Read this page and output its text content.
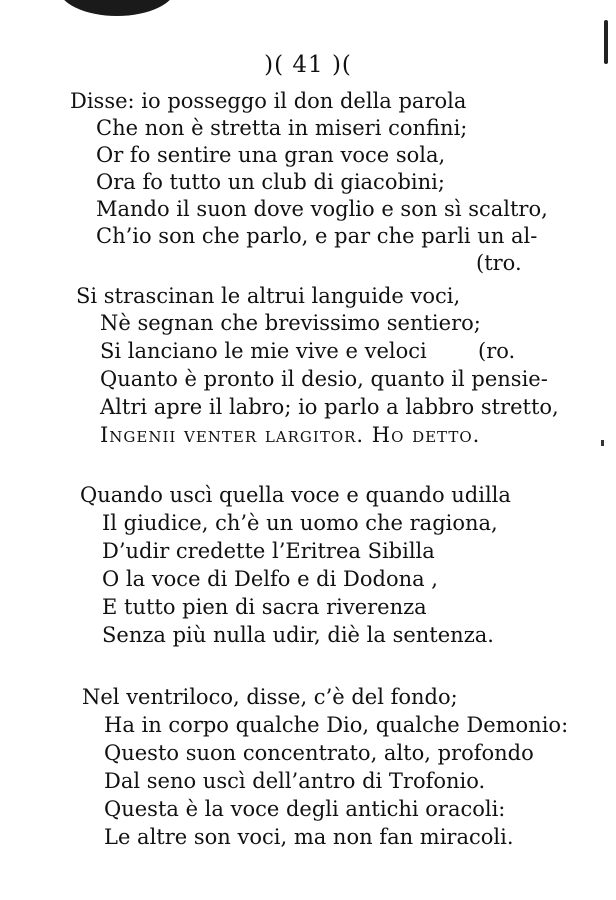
)( 41 )(
Disse: io posseggo il don della parola
Che non è stretta in miseri confini;
Or fo sentire una gran voce sola,
Ora fo tutto un club di giacobini;
Mando il suon dove voglio e son sì scaltro,
Ch’io son che parlo, e par che parli un al-
(tro.
Si strascinan le altrui languide voci,
Nè segnan che brevissimo sentiero;
Si lanciano le mie vive e veloci (ro.
Quanto è pronto il desio, quanto il pensie-
Altri apre il labro; io parlo a labbro stretto,
Ingenii venter largitor. Ho detto.
Quando uscì quella voce e quando udilla
Il giudice, ch’è un uomo che ragiona,
D’udir credette l’Eritrea Sibilla
O la voce di Delfo e di Dodona ,
E tutto pien di sacra riverenza
Senza più nulla udir, diè la sentenza.
Nel ventriloco, disse, c’è del fondo;
Ha in corpo qualche Dio, qualche Demonio:
Questo suon concentrato, alto, profondo
Dal seno uscì dell’antro di Trofonio.
Questa è la voce degli antichi oracoli:
Le altre son voci, ma non fan miracoli.
